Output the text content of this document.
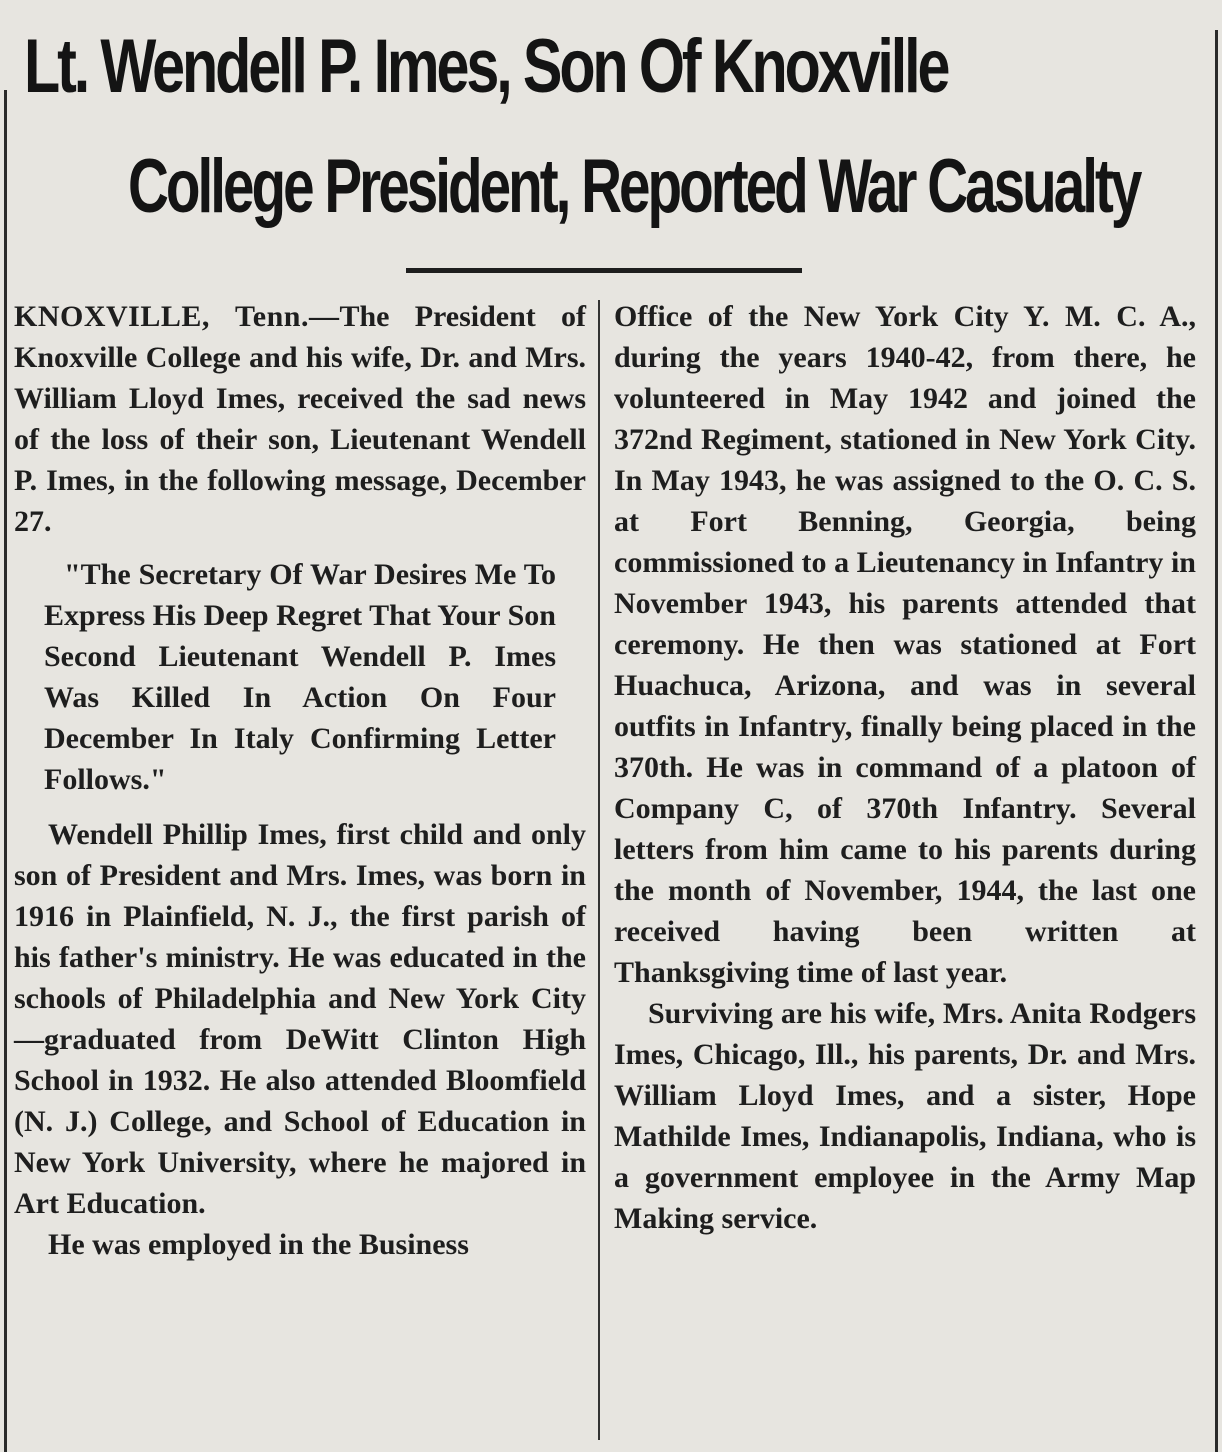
Lt. Wendell P. Imes, Son Of Knoxville
College President, Reported War Casualty

KNOXVILLE, Tenn.—The President of Knoxville College and his wife, Dr. and Mrs. William Lloyd Imes, received the sad news of the loss of their son, Lieutenant Wendell P. Imes, in the following message, December 27.

"The Secretary Of War Desires Me To Express His Deep Regret That Your Son Second Lieutenant Wendell P. Imes Was Killed In Action On Four December In Italy Confirming Letter Follows."

Wendell Phillip Imes, first child and only son of President and Mrs. Imes, was born in 1916 in Plainfield, N. J., the first parish of his father's ministry. He was educated in the schools of Philadelphia and New York City—graduated from DeWitt Clinton High School in 1932. He also attended Bloomfield (N. J.) College, and School of Education in New York University, where he majored in Art Education.

He was employed in the Business

Office of the New York City Y. M. C. A., during the years 1940-42, from there, he volunteered in May 1942 and joined the 372nd Regiment, stationed in New York City. In May 1943, he was assigned to the O. C. S. at Fort Benning, Georgia, being commissioned to a Lieutenancy in Infantry in November 1943, his parents attended that ceremony. He then was stationed at Fort Huachuca, Arizona, and was in several outfits in Infantry, finally being placed in the 370th. He was in command of a platoon of Company C, of 370th Infantry. Several letters from him came to his parents during the month of November, 1944, the last one received having been written at Thanksgiving time of last year.

Surviving are his wife, Mrs. Anita Rodgers Imes, Chicago, Ill., his parents, Dr. and Mrs. William Lloyd Imes, and a sister, Hope Mathilde Imes, Indianapolis, Indiana, who is a government employee in the Army Map Making service.
